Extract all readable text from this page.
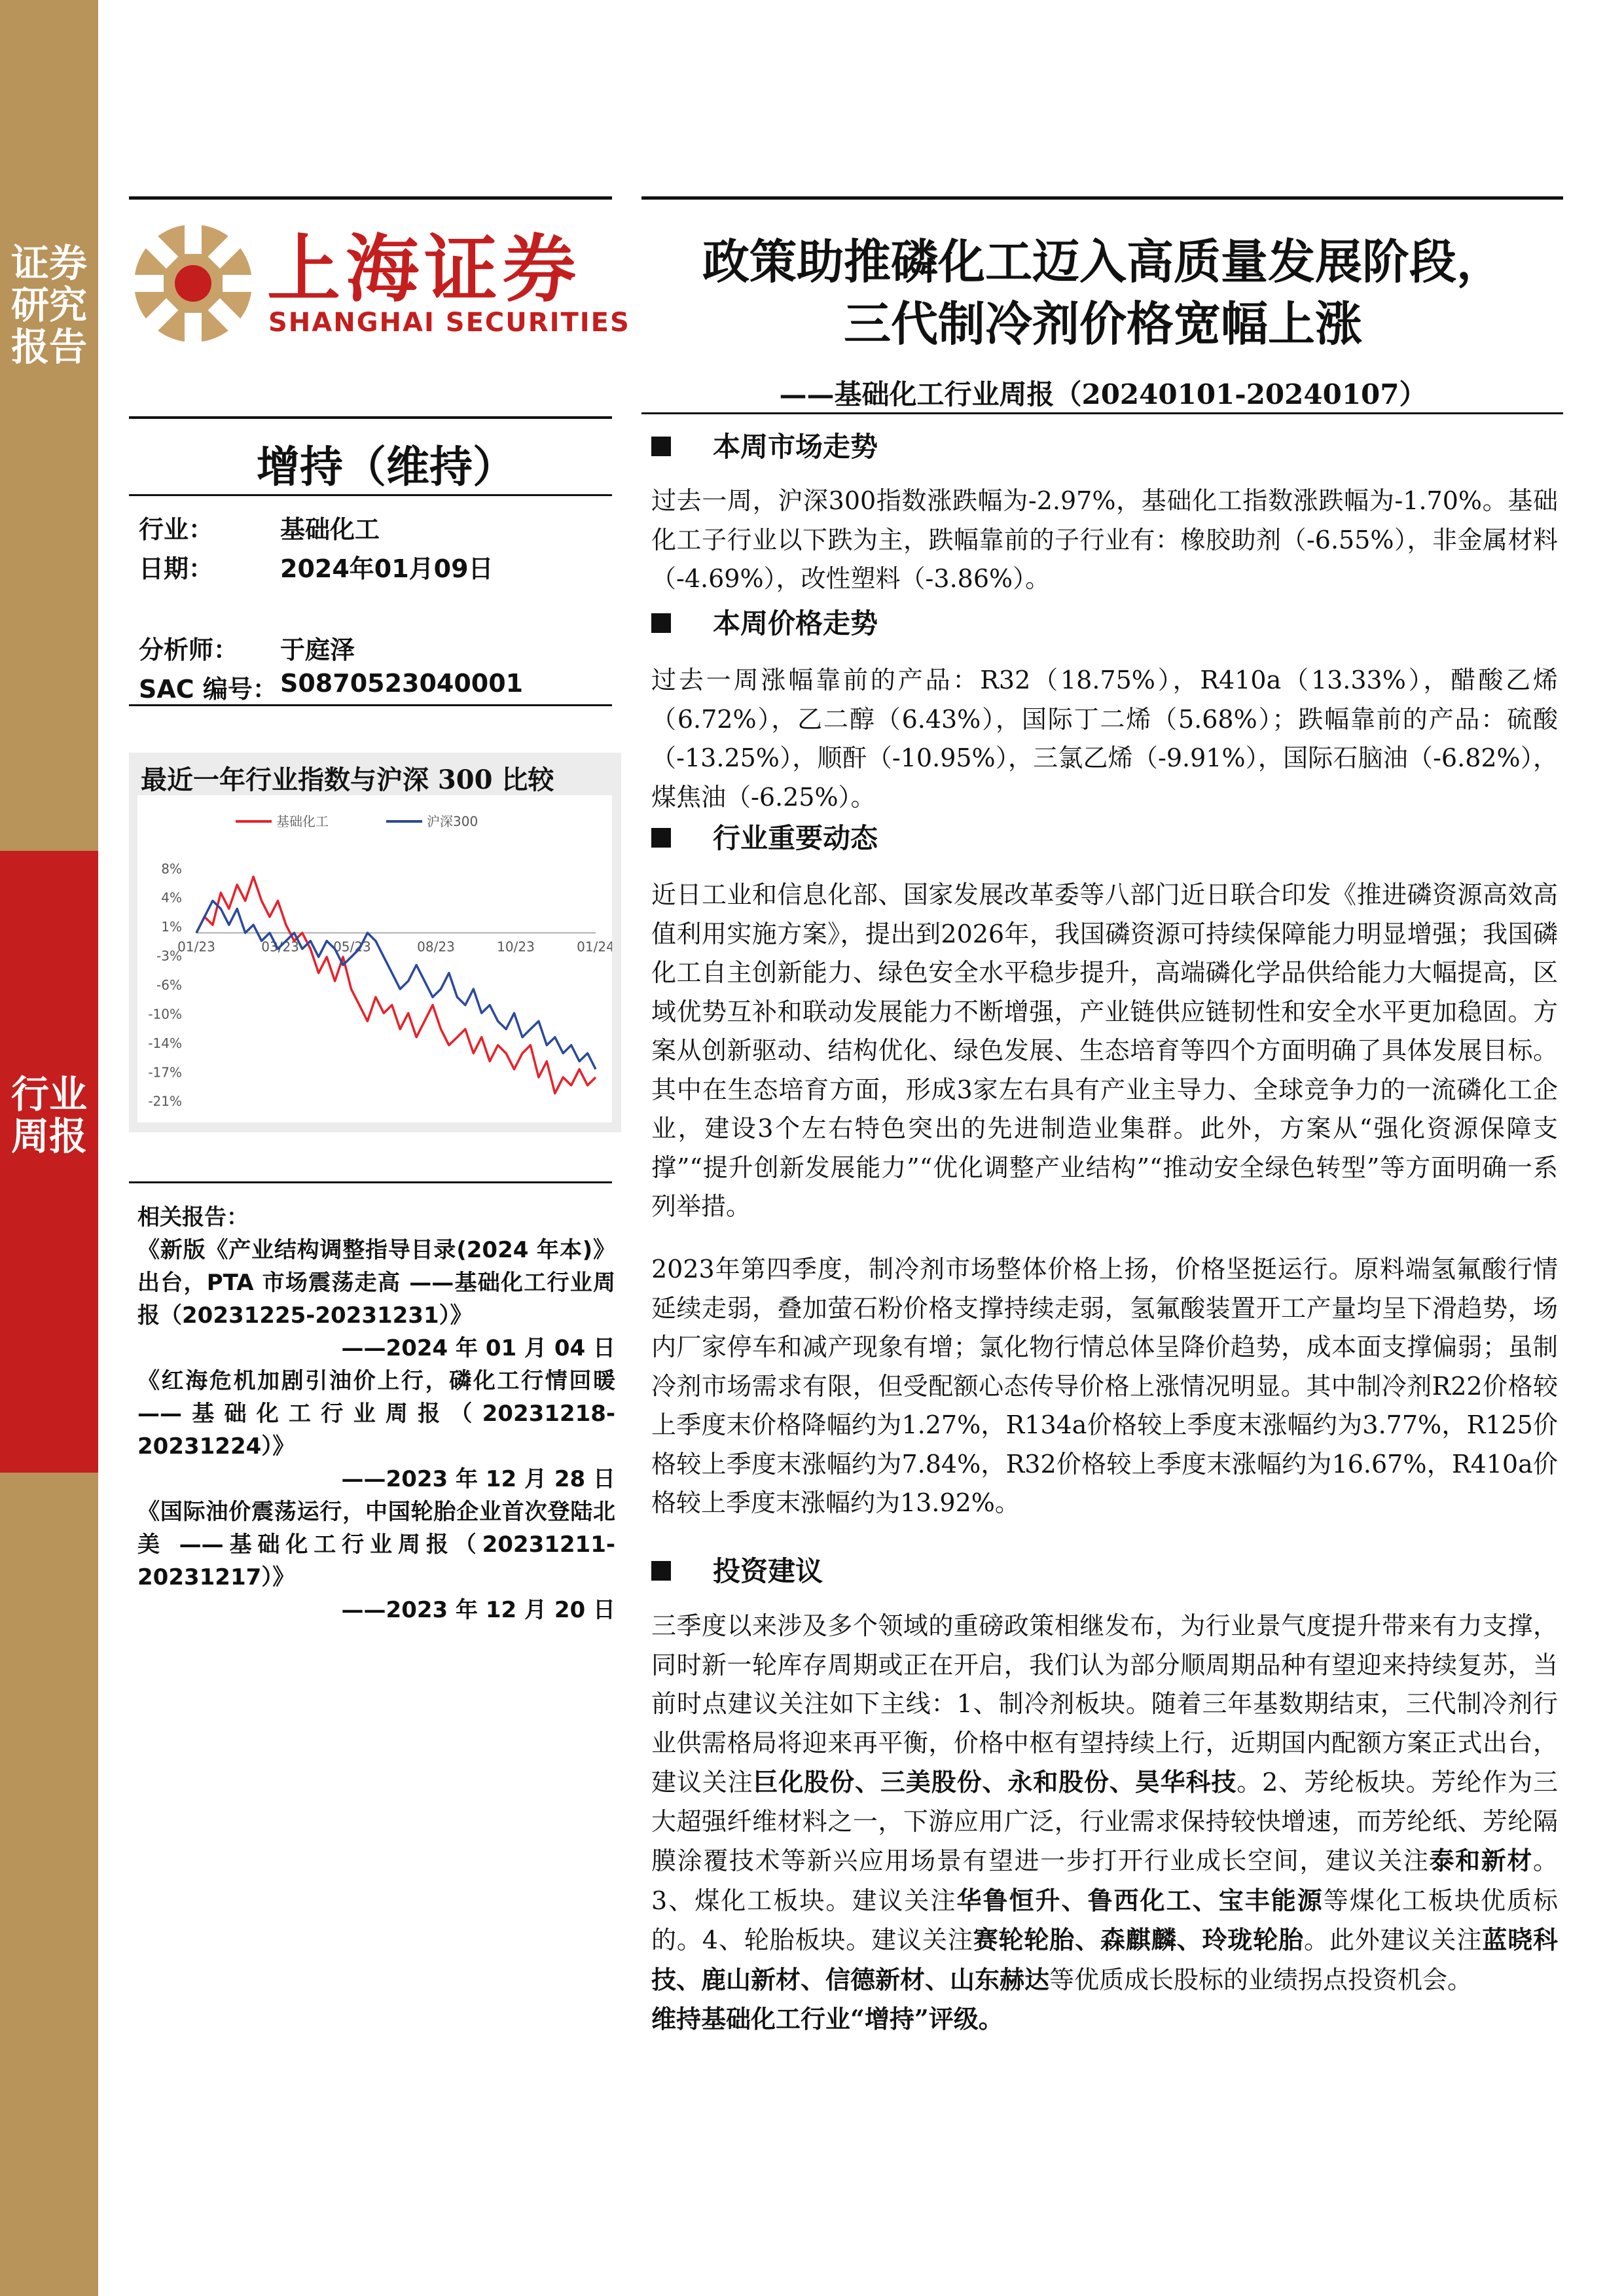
证券研究报告
行业周报
上海证券
SHANGHAI SECURITIES
政策助推磷化工迈入高质量发展阶段，
三代制冷剂价格宽幅上涨
——基础化工行业周报（20240101-20240107）
增持（维持）
行业：	基础化工
日期：	2024年01月09日
分析师： 于庭泽
SAC 编号： S0870523040001
最近一年行业指数与沪深 300 比较
基础化工	沪深300
8%
4%
1%
-3%
-6%
-10%
-14%
-17%
-21%
01/23	03/23	05/23	08/23	10/23	01/24
相关报告：
《新版《产业结构调整指导目录(2024 年本)》出台，PTA 市场震荡走高 ——基础化工行业周报（20231225-20231231）》
——2024 年 01 月 04 日
《红海危机加剧引油价上行，磷化工行情回暖 ——基础化工行业周报（20231218-20231224）》
——2023 年 12 月 28 日
《国际油价震荡运行，中国轮胎企业首次登陆北美 ——基础化工行业周报（20231211-20231217）》
——2023 年 12 月 20 日
本周市场走势
过去一周，沪深300指数涨跌幅为-2.97%，基础化工指数涨跌幅为-1.70%。基础化工子行业以下跌为主，跌幅靠前的子行业有：橡胶助剂（-6.55%），非金属材料（-4.69%），改性塑料（-3.86%）。
本周价格走势
过去一周涨幅靠前的产品：R32（18.75%），R410a（13.33%），醋酸乙烯（6.72%），乙二醇（6.43%），国际丁二烯（5.68%）；跌幅靠前的产品：硫酸（-13.25%），顺酐（-10.95%），三氯乙烯（-9.91%），国际石脑油（-6.82%），煤焦油（-6.25%）。
行业重要动态
近日工业和信息化部、国家发展改革委等八部门近日联合印发《推进磷资源高效高值利用实施方案》，提出到2026年，我国磷资源可持续保障能力明显增强；我国磷化工自主创新能力、绿色安全水平稳步提升，高端磷化学品供给能力大幅提高，区域优势互补和联动发展能力不断增强，产业链供应链韧性和安全水平更加稳固。方案从创新驱动、结构优化、绿色发展、生态培育等四个方面明确了具体发展目标。其中在生态培育方面，形成3家左右具有产业主导力、全球竞争力的一流磷化工企业，建设3个左右特色突出的先进制造业集群。此外，方案从“强化资源保障支撑”“提升创新发展能力”“优化调整产业结构”“推动安全绿色转型”等方面明确一系列举措。
2023年第四季度，制冷剂市场整体价格上扬，价格坚挺运行。原料端氢氟酸行情延续走弱，叠加萤石粉价格支撑持续走弱，氢氟酸装置开工产量均呈下滑趋势，场内厂家停车和减产现象有增；氯化物行情总体呈降价趋势，成本面支撑偏弱；虽制冷剂市场需求有限，但受配额心态传导价格上涨情况明显。其中制冷剂R22价格较上季度末价格降幅约为1.27%，R134a价格较上季度末涨幅约为3.77%，R125价格较上季度末涨幅约为7.84%，R32价格较上季度末涨幅约为16.67%，R410a价格较上季度末涨幅约为13.92%。
投资建议
三季度以来涉及多个领域的重磅政策相继发布，为行业景气度提升带来有力支撑，同时新一轮库存周期或正在开启，我们认为部分顺周期品种有望迎来持续复苏，当前时点建议关注如下主线：1、制冷剂板块。随着三年基数期结束，三代制冷剂行业供需格局将迎来再平衡，价格中枢有望持续上行，近期国内配额方案正式出台，建议关注巨化股份、三美股份、永和股份、昊华科技。2、芳纶板块。芳纶作为三大超强纤维材料之一，下游应用广泛，行业需求保持较快增速，而芳纶纸、芳纶隔膜涂覆技术等新兴应用场景有望进一步打开行业成长空间，建议关注泰和新材。3、煤化工板块。建议关注华鲁恒升、鲁西化工、宝丰能源等煤化工板块优质标的。4、轮胎板块。建议关注赛轮轮胎、森麒麟、玲珑轮胎。此外建议关注蓝晓科技、鹿山新材、信德新材、山东赫达等优质成长股标的业绩拐点投资机会。
维持基础化工行业“增持”评级。
